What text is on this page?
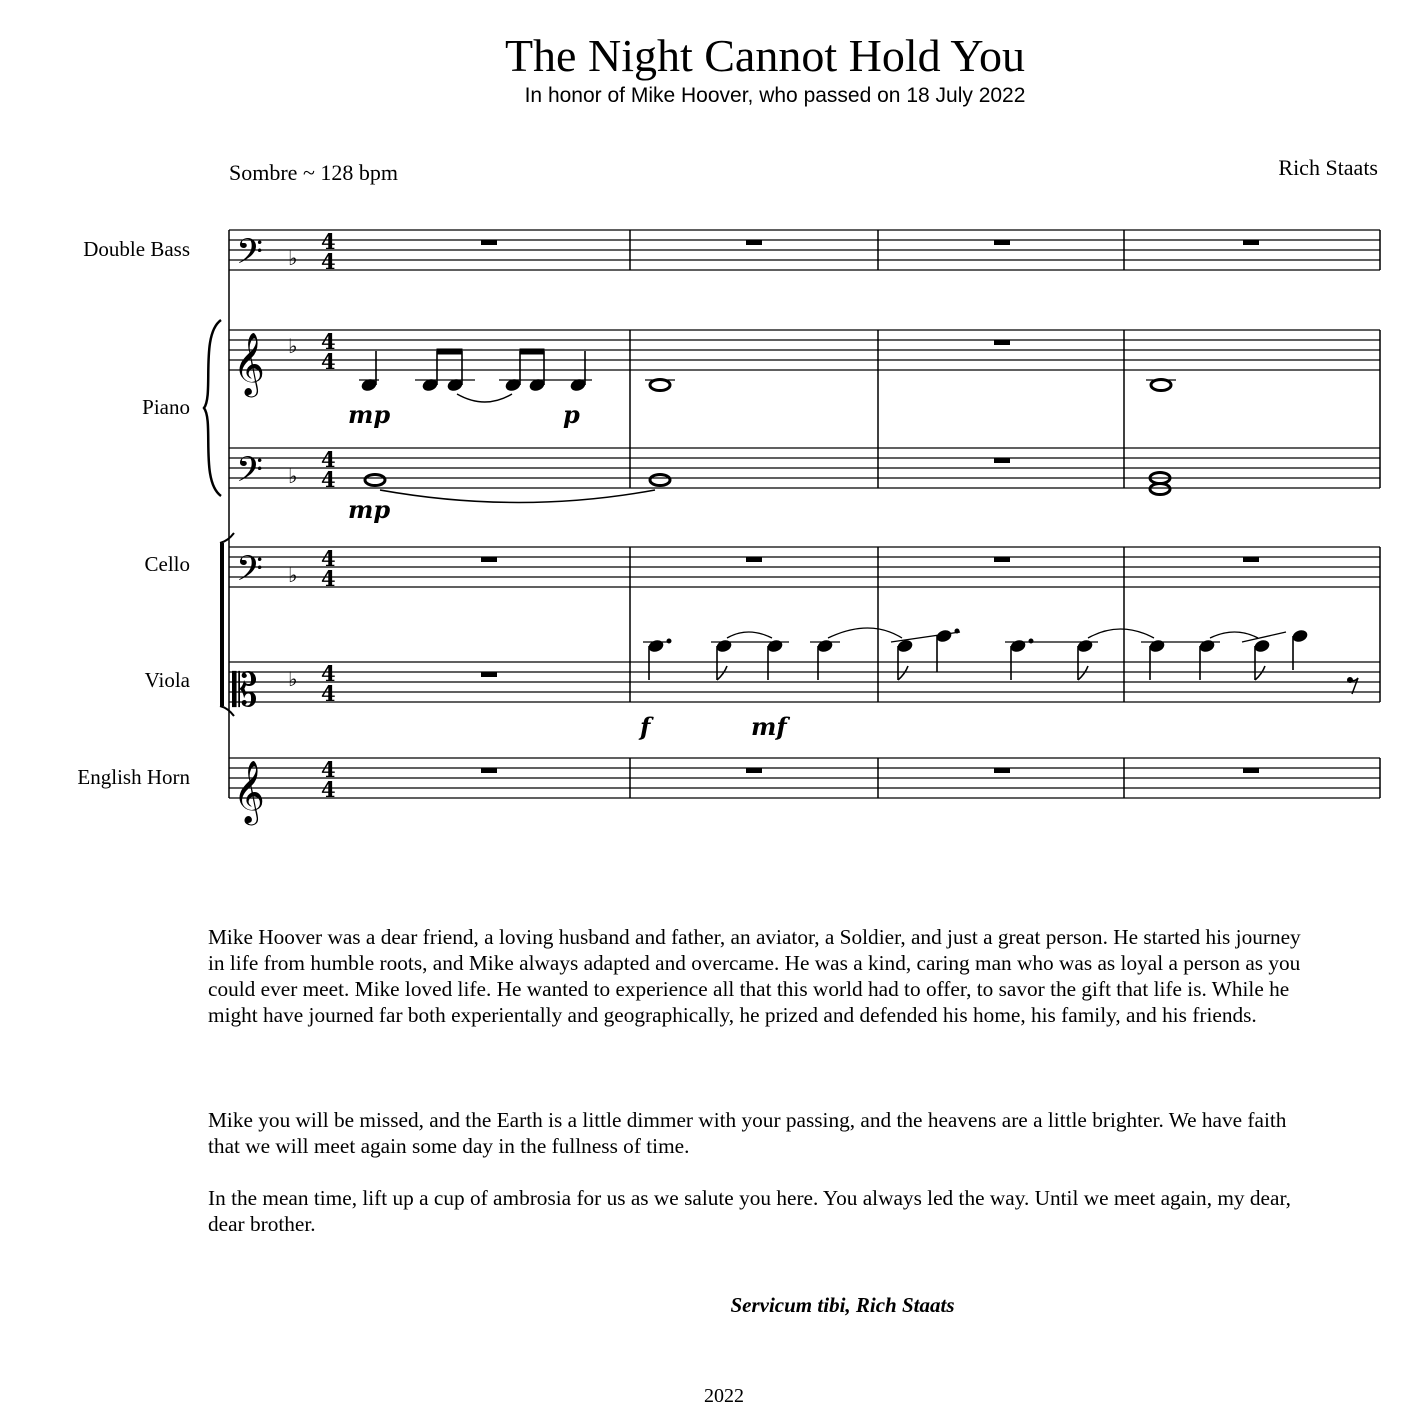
The Night Cannot Hold You
In honor of Mike Hoover, who passed on 18 July 2022
Sombre ~ 128 bpm	Rich Staats
Double Bass
Piano
Cello
Viola
English Horn
𝄢
𝄞
𝄢
𝄢
𝄡
𝄞
♭
♭
♭
♭
♭
4
4
4
4
4
4
4
4
4
4
4
4
mp	p
mp
f	mf

Mike Hoover was a dear friend, a loving husband and father, an aviator, a Soldier, and just a great person. He started his journey in life from humble roots, and Mike always adapted and overcame. He was a kind, caring man who was as loyal a person as you could ever meet. Mike loved life. He wanted to experience all that this world had to offer, to savor the gift that life is. While he might have journed far both experientally and geographically, he prized and defended his home, his family, and his friends.

Mike you will be missed, and the Earth is a little dimmer with your passing, and the heavens are a little brighter. We have faith that we will meet again some day in the fullness of time.

In the mean time, lift up a cup of ambrosia for us as we salute you here. You always led the way. Until we meet again, my dear, dear brother.

Servicum tibi, Rich Staats
2022
